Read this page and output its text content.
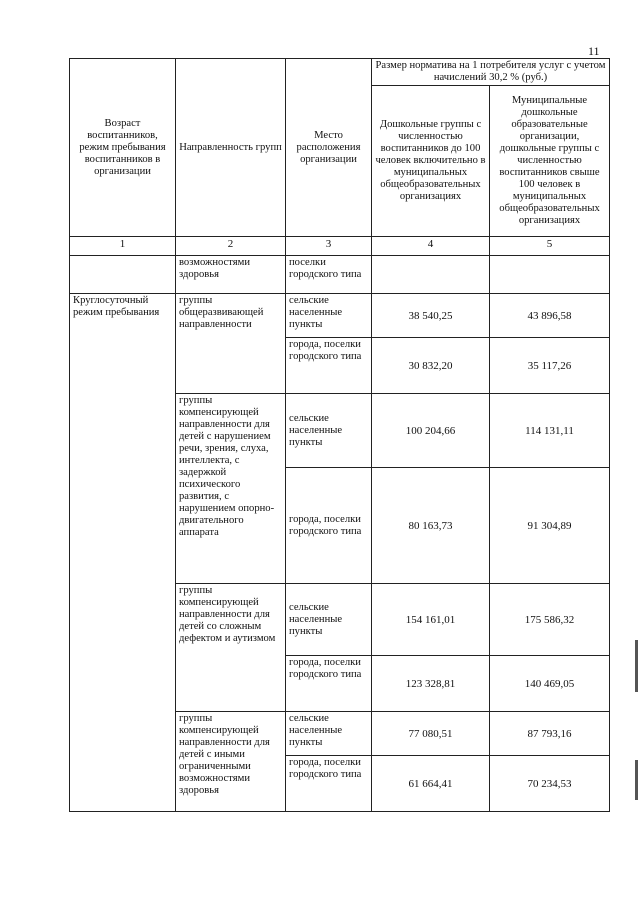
11
Возраст воспитанников, режим пребывания воспитанников в организации	Направленность групп	Место расположения организации	Размер норматива на 1 потребителя услуг с учетом начислений 30,2 % (руб.)	
			Дошкольные группы с численностью воспитанников до 100 человек включительно в муниципальных общеобразовательных организациях	Муниципальные дошкольные образовательные организации, дошкольные группы с численностью воспитанников свыше 100 человек в муниципальных общеобразовательных организациях
1	2	3	4	5
	возможностями здоровья	поселки городского типа		
Круглосуточный режим пребывания	группы общеразвивающей направленности	сельские населенные пункты	38 540,25	43 896,58
		города, поселки городского типа	30 832,20	35 117,26
	группы компенсирующей направленности для детей с нарушением речи, зрения, слуха, интеллекта, с задержкой психического развития, с нарушением опорно-двигательного аппарата	сельские населенные пункты	100 204,66	114 131,11
		города, поселки городского типа	80 163,73	91 304,89
	группы компенсирующей направленности для детей со сложным дефектом и аутизмом	сельские населенные пункты	154 161,01	175 586,32
		города, поселки городского типа	123 328,81	140 469,05
	группы компенсирующей направленности для детей с иными ограниченными возможностями здоровья	сельские населенные пункты	77 080,51	87 793,16
		города, поселки городского типа	61 664,41	70 234,53
